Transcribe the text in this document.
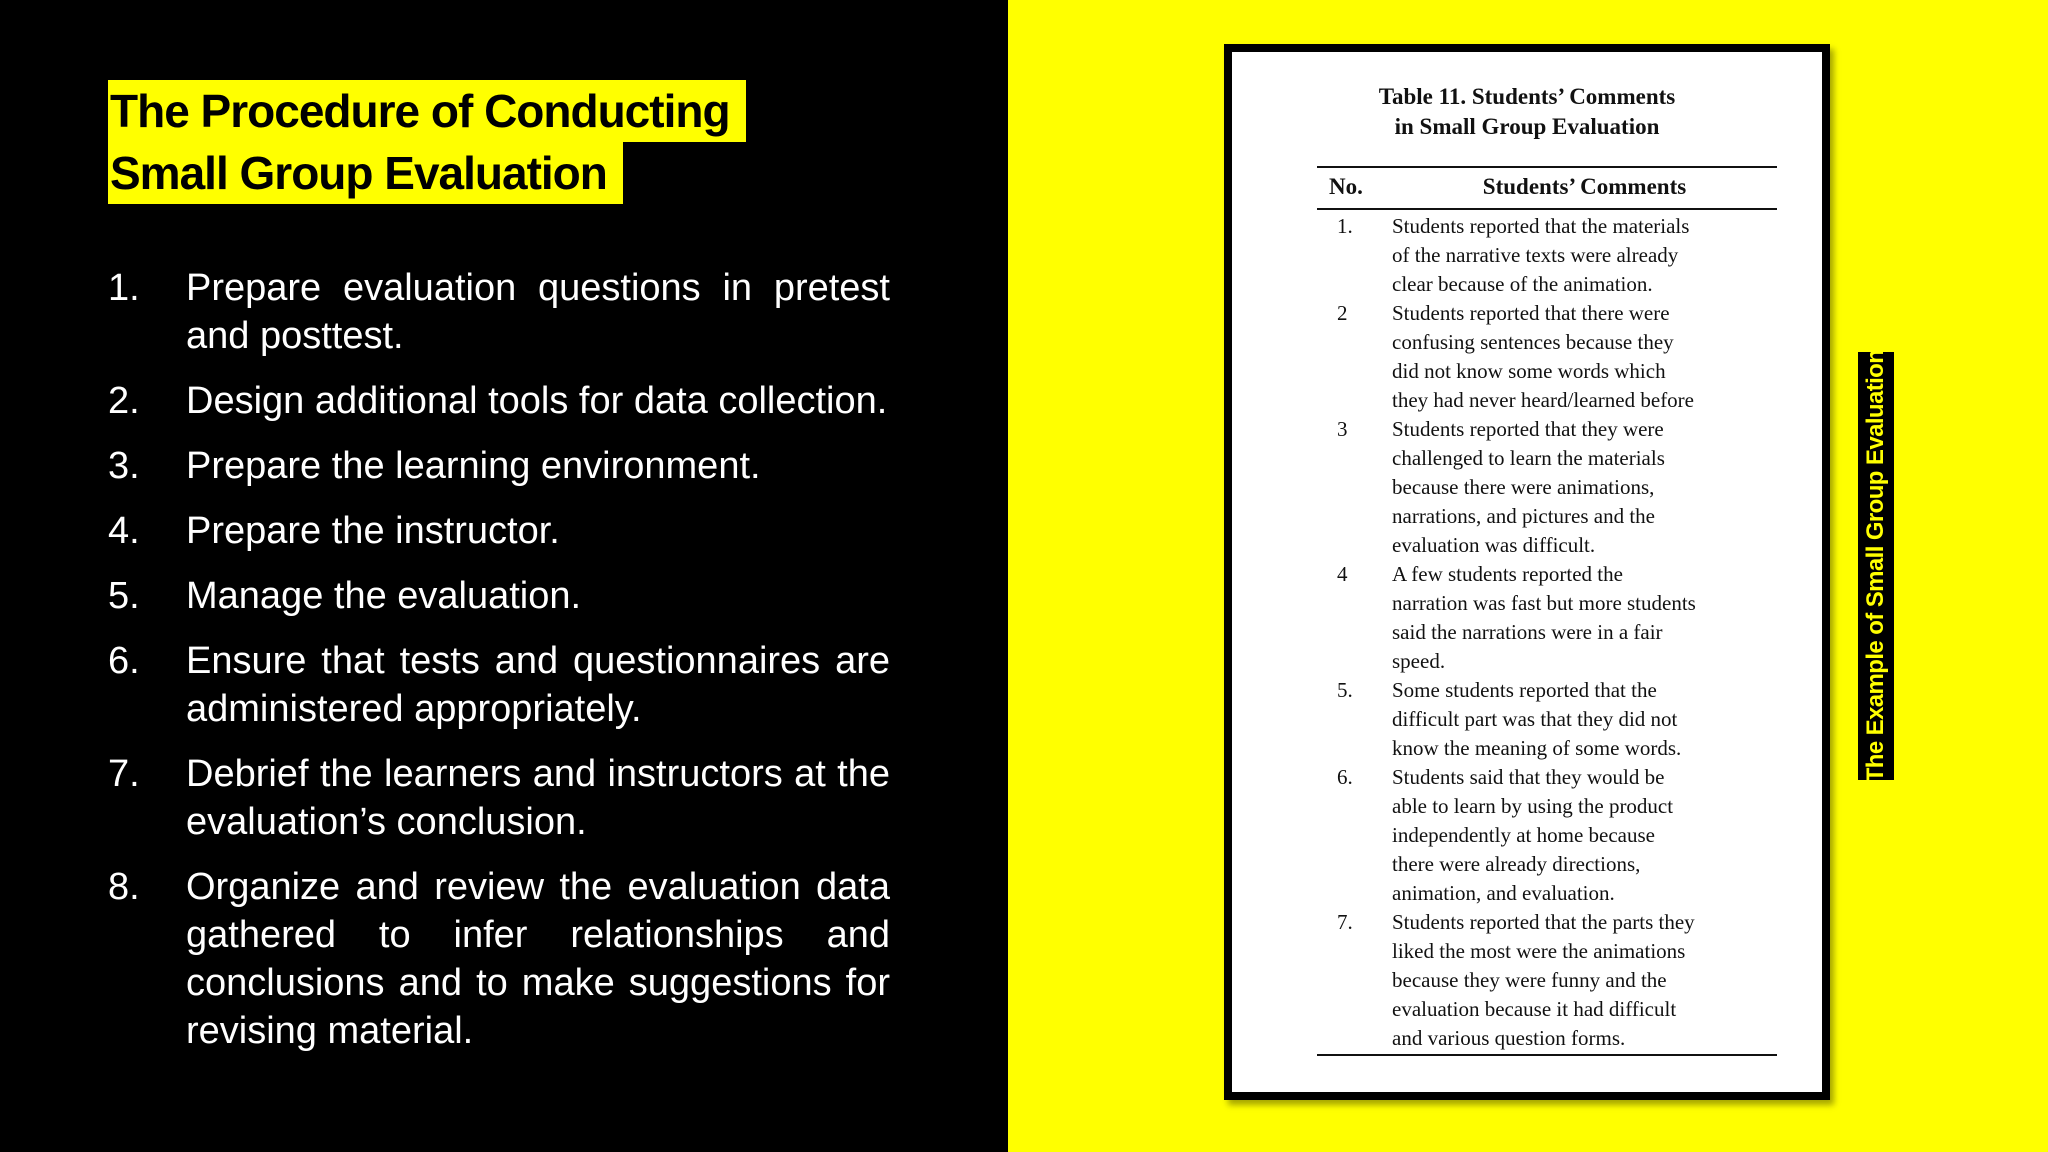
The Procedure of Conducting
Small Group Evaluation
1.	Prepare evaluation questions in pretest and posttest.
2.	Design additional tools for data collection.
3.	Prepare the learning environment.
4.	Prepare the instructor.
5.	Manage the evaluation.
6.	Ensure that tests and questionnaires are administered appropriately.
7.	Debrief the learners and instructors at the evaluation’s conclusion.
8.	Organize and review the evaluation data gathered to infer relationships and conclusions and to make suggestions for revising material.
Table 11. Students’ Comments
in Small Group Evaluation
No.	Students’ Comments
1.	Students reported that the materials
of the narrative texts were already
clear because of the animation.
2	Students reported that there were
confusing sentences because they
did not know some words which
they had never heard/learned before
3	Students reported that they were
challenged to learn the materials
because there were animations,
narrations, and pictures and the
evaluation was difficult.
4	A few students reported the
narration was fast but more students
said the narrations were in a fair
speed.
5.	Some students reported that the
difficult part was that they did not
know the meaning of some words.
6.	Students said that they would be
able to learn by using the product
independently at home because
there were already directions,
animation, and evaluation.
7.	Students reported that the parts they
liked the most were the animations
because they were funny and the
evaluation because it had difficult
and various question forms.
The Example of Small Group Evaluation
